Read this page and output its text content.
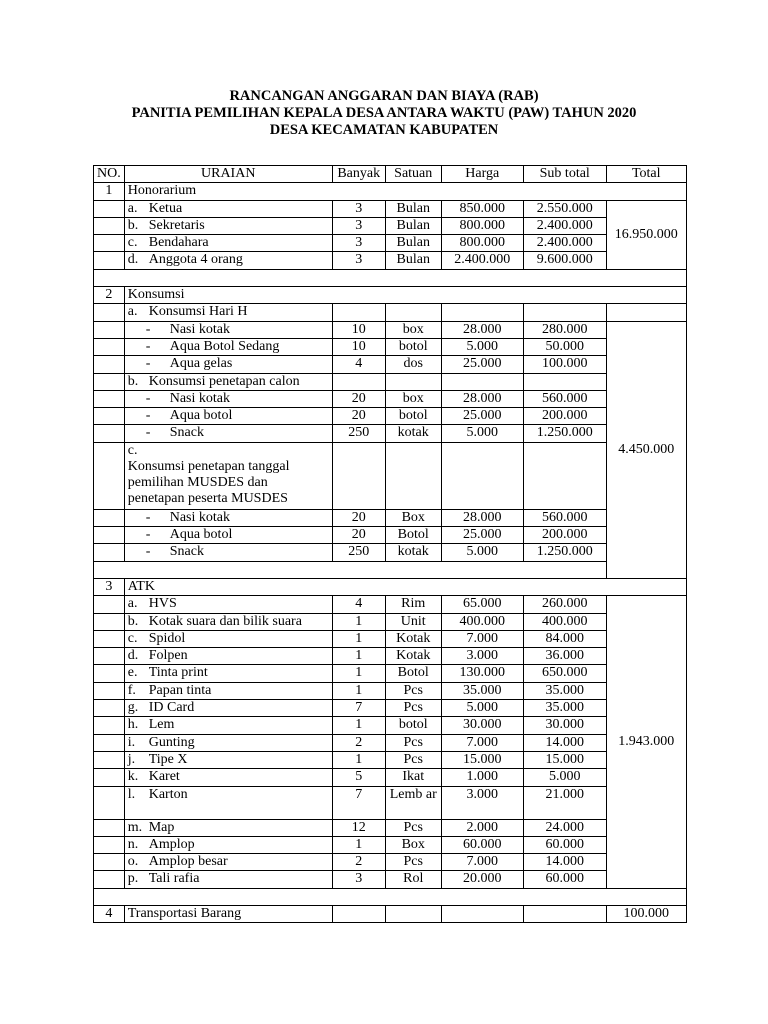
RANCANGAN ANGGARAN DAN BIAYA (RAB)
PANITIA PEMILIHAN KEPALA DESA ANTARA WAKTU (PAW) TAHUN 2020
DESA KECAMATAN KABUPATEN
NO.	URAIAN	Banyak	Satuan	Harga	Sub total	Total
1	Honorarium					
	a. Ketua	3	Bulan	850.000	2.550.000	16.950.000
	b. Sekretaris	3	Bulan	800.000	2.400.000	
	c. Bendahara	3	Bulan	800.000	2.400.000	
	d. Anggota 4 orang	3	Bulan	2.400.000	9.600.000	

2	Konsumsi					
	a. Konsumsi Hari H					
	- Nasi kotak	10	box	28.000	280.000	4.450.000
	- Aqua Botol Sedang	10	botol	5.000	50.000	
	- Aqua gelas	4	dos	25.000	100.000	
	b. Konsumsi penetapan calon					
	- Nasi kotak	20	box	28.000	560.000	
	- Aqua botol	20	botol	25.000	200.000	
	- Snack	250	kotak	5.000	1.250.000	
	c.Konsumsi penetapan tanggal pemilihan MUSDES dan penetapan peserta MUSDES					
	- Nasi kotak	20	Box	28.000	560.000	
	- Aqua botol	20	Botol	25.000	200.000	
	- Snack	250	kotak	5.000	1.250.000	

3	ATK					
	a. HVS	4	Rim	65.000	260.000	1.943.000
	b. Kotak suara dan bilik suara	1	Unit	400.000	400.000	
	c. Spidol	1	Kotak	7.000	84.000	
	d. Folpen	1	Kotak	3.000	36.000	
	e. Tinta print	1	Botol	130.000	650.000	
	f. Papan tinta	1	Pcs	35.000	35.000	
	g. ID Card	7	Pcs	5.000	35.000	
	h. Lem	1	botol	30.000	30.000	
	i. Gunting	2	Pcs	7.000	14.000	
	j. Tipe X	1	Pcs	15.000	15.000	
	k. Karet	5	Ikat	1.000	5.000	
	l. Karton	7	Lemb ar	3.000	21.000	
	m. Map	12	Pcs	2.000	24.000	
	n. Amplop	1	Box	60.000	60.000	
	o. Amplop besar	2	Pcs	7.000	14.000	
	p. Tali rafia	3	Rol	20.000	60.000	

4	Transportasi Barang					100.000
